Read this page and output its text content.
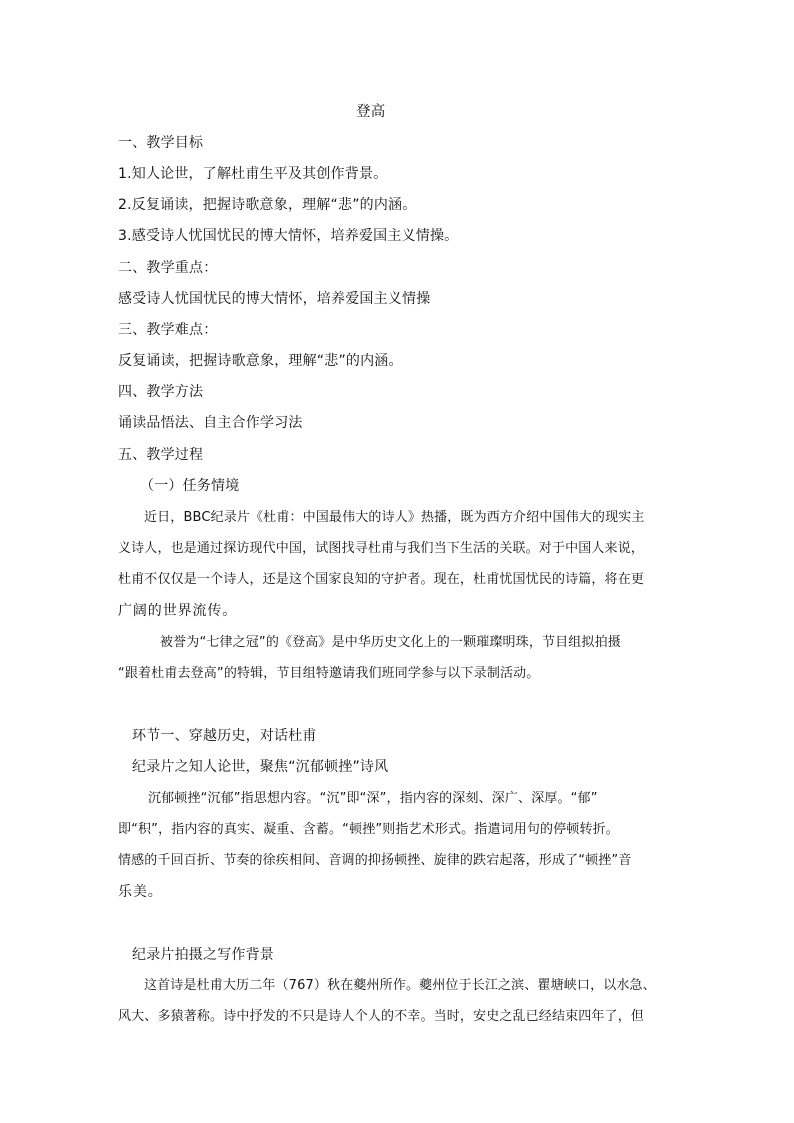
登高
一、教学目标
1.知人论世，了解杜甫生平及其创作背景。
2.反复诵读，把握诗歌意象，理解“悲”的内涵。
3.感受诗人忧国忧民的博大情怀，培养爱国主义情操。
二、教学重点：
感受诗人忧国忧民的博大情怀，培养爱国主义情操
三、教学难点：
反复诵读，把握诗歌意象，理解“悲”的内涵。
四、教学方法
诵读品悟法、自主合作学习法
五、教学过程
（一）任务情境
近日，BBC纪录片《杜甫：中国最伟大的诗人》热播，既为西方介绍中国伟大的现实主
义诗人，也是通过探访现代中国，试图找寻杜甫与我们当下生活的关联。对于中国人来说，
杜甫不仅仅是一个诗人，还是这个国家良知的守护者。现在，杜甫忧国忧民的诗篇，将在更
广阔的世界流传。
被誉为“七律之冠”的《登高》是中华历史文化上的一颗璀璨明珠，节目组拟拍摄
“跟着杜甫去登高”的特辑，节目组特邀请我们班同学参与以下录制活动。
环节一、穿越历史，对话杜甫
纪录片之知人论世，聚焦“沉郁顿挫”诗风
沉郁顿挫“沉郁”指思想内容。“沉”即“深”，指内容的深刻、深广、深厚。“郁”
即“积”，指内容的真实、凝重、含蓄。“顿挫”则指艺术形式。指遣词用句的停顿转折。
情感的千回百折、节奏的徐疾相间、音调的抑扬顿挫、旋律的跌宕起落，形成了“顿挫”音
乐美。
纪录片拍摄之写作背景
这首诗是杜甫大历二年（767）秋在夔州所作。夔州位于长江之滨、瞿塘峡口，以水急、
风大、多猿著称。诗中抒发的不只是诗人个人的不幸。当时，安史之乱已经结束四年了，但
